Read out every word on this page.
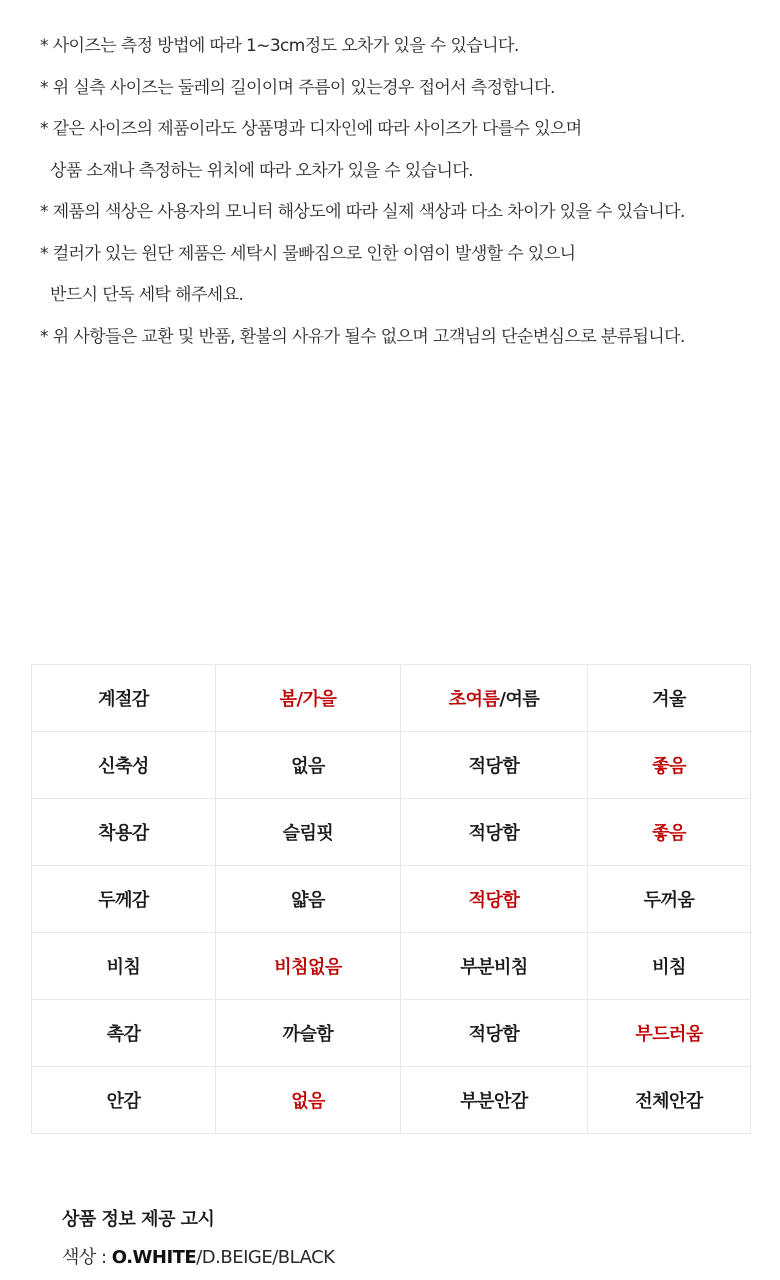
* 사이즈는 측정 방법에 따라 1~3cm정도 오차가 있을 수 있습니다.
* 위 실측 사이즈는 둘레의 길이이며 주름이 있는경우 접어서 측정합니다.
* 같은 사이즈의 제품이라도 상품명과 디자인에 따라 사이즈가 다를수 있으며
상품 소재나 측정하는 위치에 따라 오차가 있을 수 있습니다.
* 제품의 색상은 사용자의 모니터 해상도에 따라 실제 색상과 다소 차이가 있을 수 있습니다.
* 컬러가 있는 원단 제품은 세탁시 물빠짐으로 인한 이염이 발생할 수 있으니
반드시 단독 세탁 해주세요.
* 위 사항들은 교환 및 반품, 환불의 사유가 될수 없으며 고객님의 단순변심으로 분류됩니다.
계절감	봄/가을	초여름/여름	겨울
신축성	없음	적당함	좋음
착용감	슬림핏	적당함	좋음
두께감	얇음	적당함	두꺼움
비침	비침없음	부분비침	비침
촉감	까슬함	적당함	부드러움
안감	없음	부분안감	전체안감
상품 정보 제공 고시
색상 : O.WHITE/D.BEIGE/BLACK
